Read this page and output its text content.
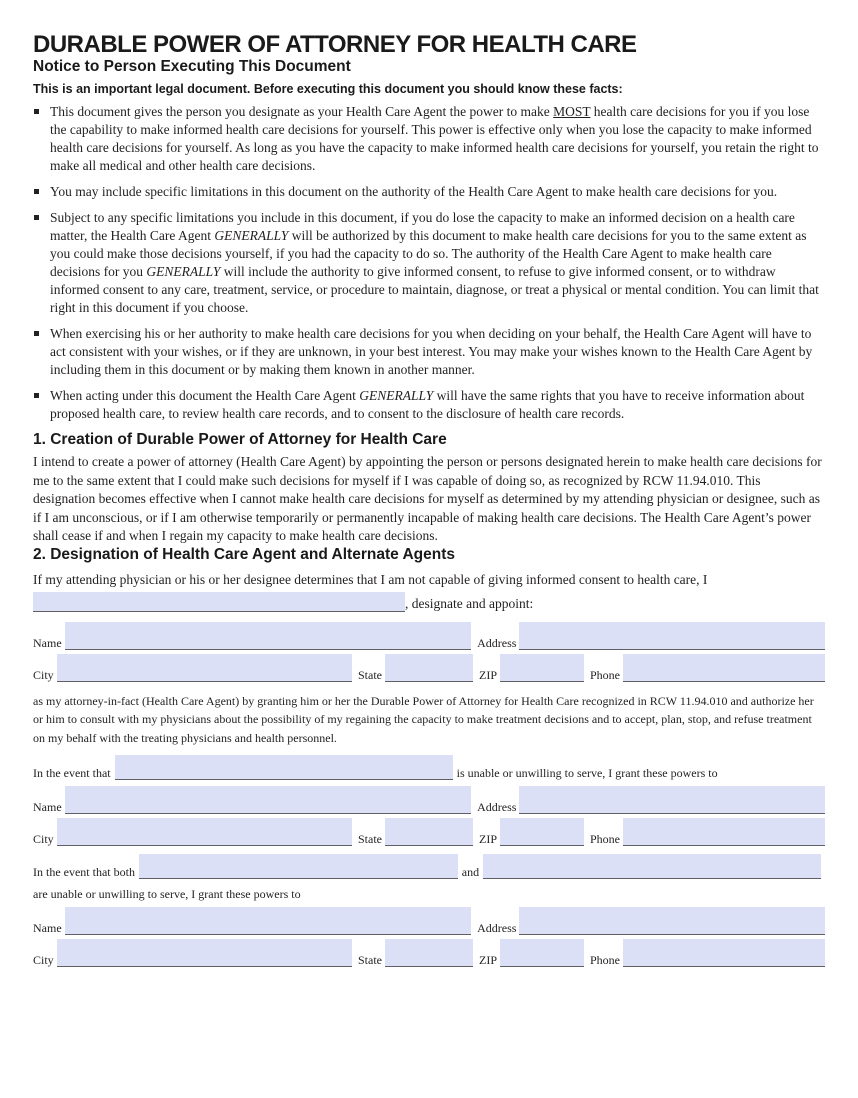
DURABLE POWER OF ATTORNEY FOR HEALTH CARE
Notice to Person Executing This Document

This is an important legal document. Before executing this document you should know these facts:

This document gives the person you designate as your Health Care Agent the power to make MOST health care decisions for you if you lose the capability to make informed health care decisions for yourself. This power is effective only when you lose the capacity to make informed health care decisions for yourself. As long as you have the capacity to make informed health care decisions for yourself, you retain the right to make all medical and other health care decisions.
You may include specific limitations in this document on the authority of the Health Care Agent to make health care decisions for you.
Subject to any specific limitations you include in this document, if you do lose the capacity to make an informed decision on a health care matter, the Health Care Agent GENERALLY will be authorized by this document to make health care decisions for you to the same extent as you could make those decisions yourself, if you had the capacity to do so. The authority of the Health Care Agent to make health care decisions for you GENERALLY will include the authority to give informed consent, to refuse to give informed consent, or to withdraw informed consent to any care, treatment, service, or procedure to maintain, diagnose, or treat a physical or mental condition. You can limit that right in this document if you choose.
When exercising his or her authority to make health care decisions for you when deciding on your behalf, the Health Care Agent will have to act consistent with your wishes, or if they are unknown, in your best interest. You may make your wishes known to the Health Care Agent by including them in this document or by making them known in another manner.
When acting under this document the Health Care Agent GENERALLY will have the same rights that you have to receive information about proposed health care, to review health care records, and to consent to the disclosure of health care records.
1. Creation of Durable Power of Attorney for Health Care

I intend to create a power of attorney (Health Care Agent) by appointing the person or persons designated herein to make health care decisions for me to the same extent that I could make such decisions for myself if I was capable of doing so, as recognized by RCW 11.94.010. This designation becomes effective when I cannot make health care decisions for myself as determined by my attending physician or designee, such as if I am unconscious, or if I am otherwise temporarily or permanently incapable of making health care decisions. The Health Care Agent’s power shall cease if and when I regain my capacity to make health care decisions.

2. Designation of Health Care Agent and Alternate Agents

If my attending physician or his or her designee determines that I am not capable of giving informed consent to health care, I , designate and appoint:

Name	Address
City	State	ZIP	Phone

as my attorney-in-fact (Health Care Agent) by granting him or her the Durable Power of Attorney for Health Care recognized in RCW 11.94.010 and authorize her or him to consult with my physicians about the possibility of my regaining the capacity to make treatment decisions and to accept, plan, stop, and refuse treatment on my behalf with the treating physicians and health personnel.

In the event that	is unable or unwilling to serve, I grant these powers to
Name	Address
City	State	ZIP	Phone
In the event that both	and

are unable or unwilling to serve, I grant these powers to

Name	Address
City	State	ZIP	Phone
